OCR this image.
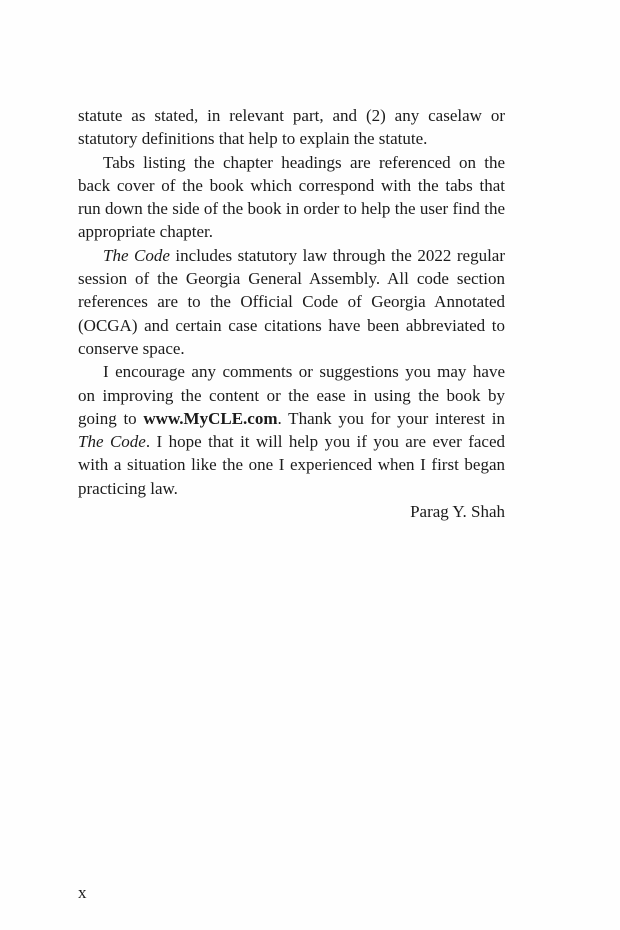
statute as stated, in relevant part, and (2) any caselaw or statutory definitions that help to explain the statute.

Tabs listing the chapter headings are referenced on the back cover of the book which correspond with the tabs that run down the side of the book in order to help the user find the appropriate chapter.

The Code includes statutory law through the 2022 regular session of the Georgia General Assembly. All code section references are to the Official Code of Georgia Annotated (OCGA) and certain case citations have been abbreviated to conserve space.

I encourage any comments or suggestions you may have on improving the content or the ease in using the book by going to www.MyCLE.com. Thank you for your interest in The Code. I hope that it will help you if you are ever faced with a situation like the one I experienced when I first began practicing law.

Parag Y. Shah

x
